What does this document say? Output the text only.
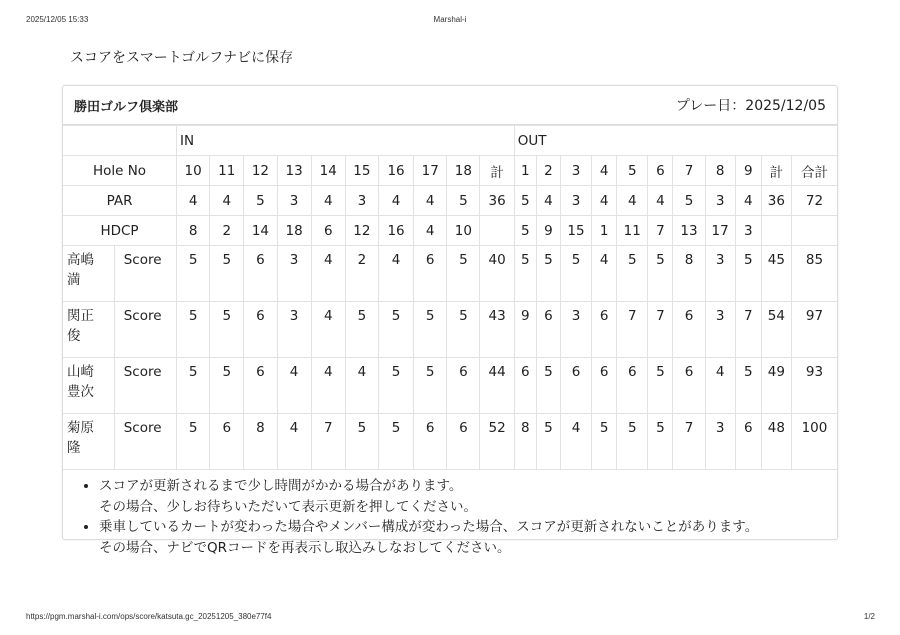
2025/12/05 15:33	Marshal-i
スコアをスマートゴルフナビに保存
勝田ゴルフ倶楽部	プレー日：2025/12/05
		IN										OUT										
Hole No		10	11	12	13	14	15	16	17	18	計	1	2	3	4	5	6	7	8	9	計	合計
PAR		4	4	5	3	4	3	4	4	5	36	5	4	3	4	4	4	5	3	4	36	72
HDCP		8	2	14	18	6	12	16	4	10		5	9	15	1	11	7	13	17	3		

高嶋
満	Score	5	5	6	3	4	2	4	6	5	40	5	5	5	4	5	5	8	3	5	45	85

関正
俊	Score	5	5	6	3	4	5	5	5	5	43	9	6	3	6	7	7	6	3	7	54	97

山崎
豊次	Score	5	5	6	4	4	4	5	5	6	44	6	5	6	6	6	5	6	4	5	49	93

菊原
隆	Score	5	6	8	4	7	5	5	6	6	52	8	5	4	5	5	5	7	3	6	48	100
• スコアが更新されるまで少し時間がかかる場合があります。
その場合、少しお待ちいただいて表示更新を押してください。
• 乗車しているカートが変わった場合やメンバー構成が変わった場合、スコアが更新されないことがあります。
その場合、ナビでQRコードを再表示し取込みしなおしてください。
https://pgm.marshal-i.com/ops/score/katsuta.gc_20251205_380e77f4	1/2
